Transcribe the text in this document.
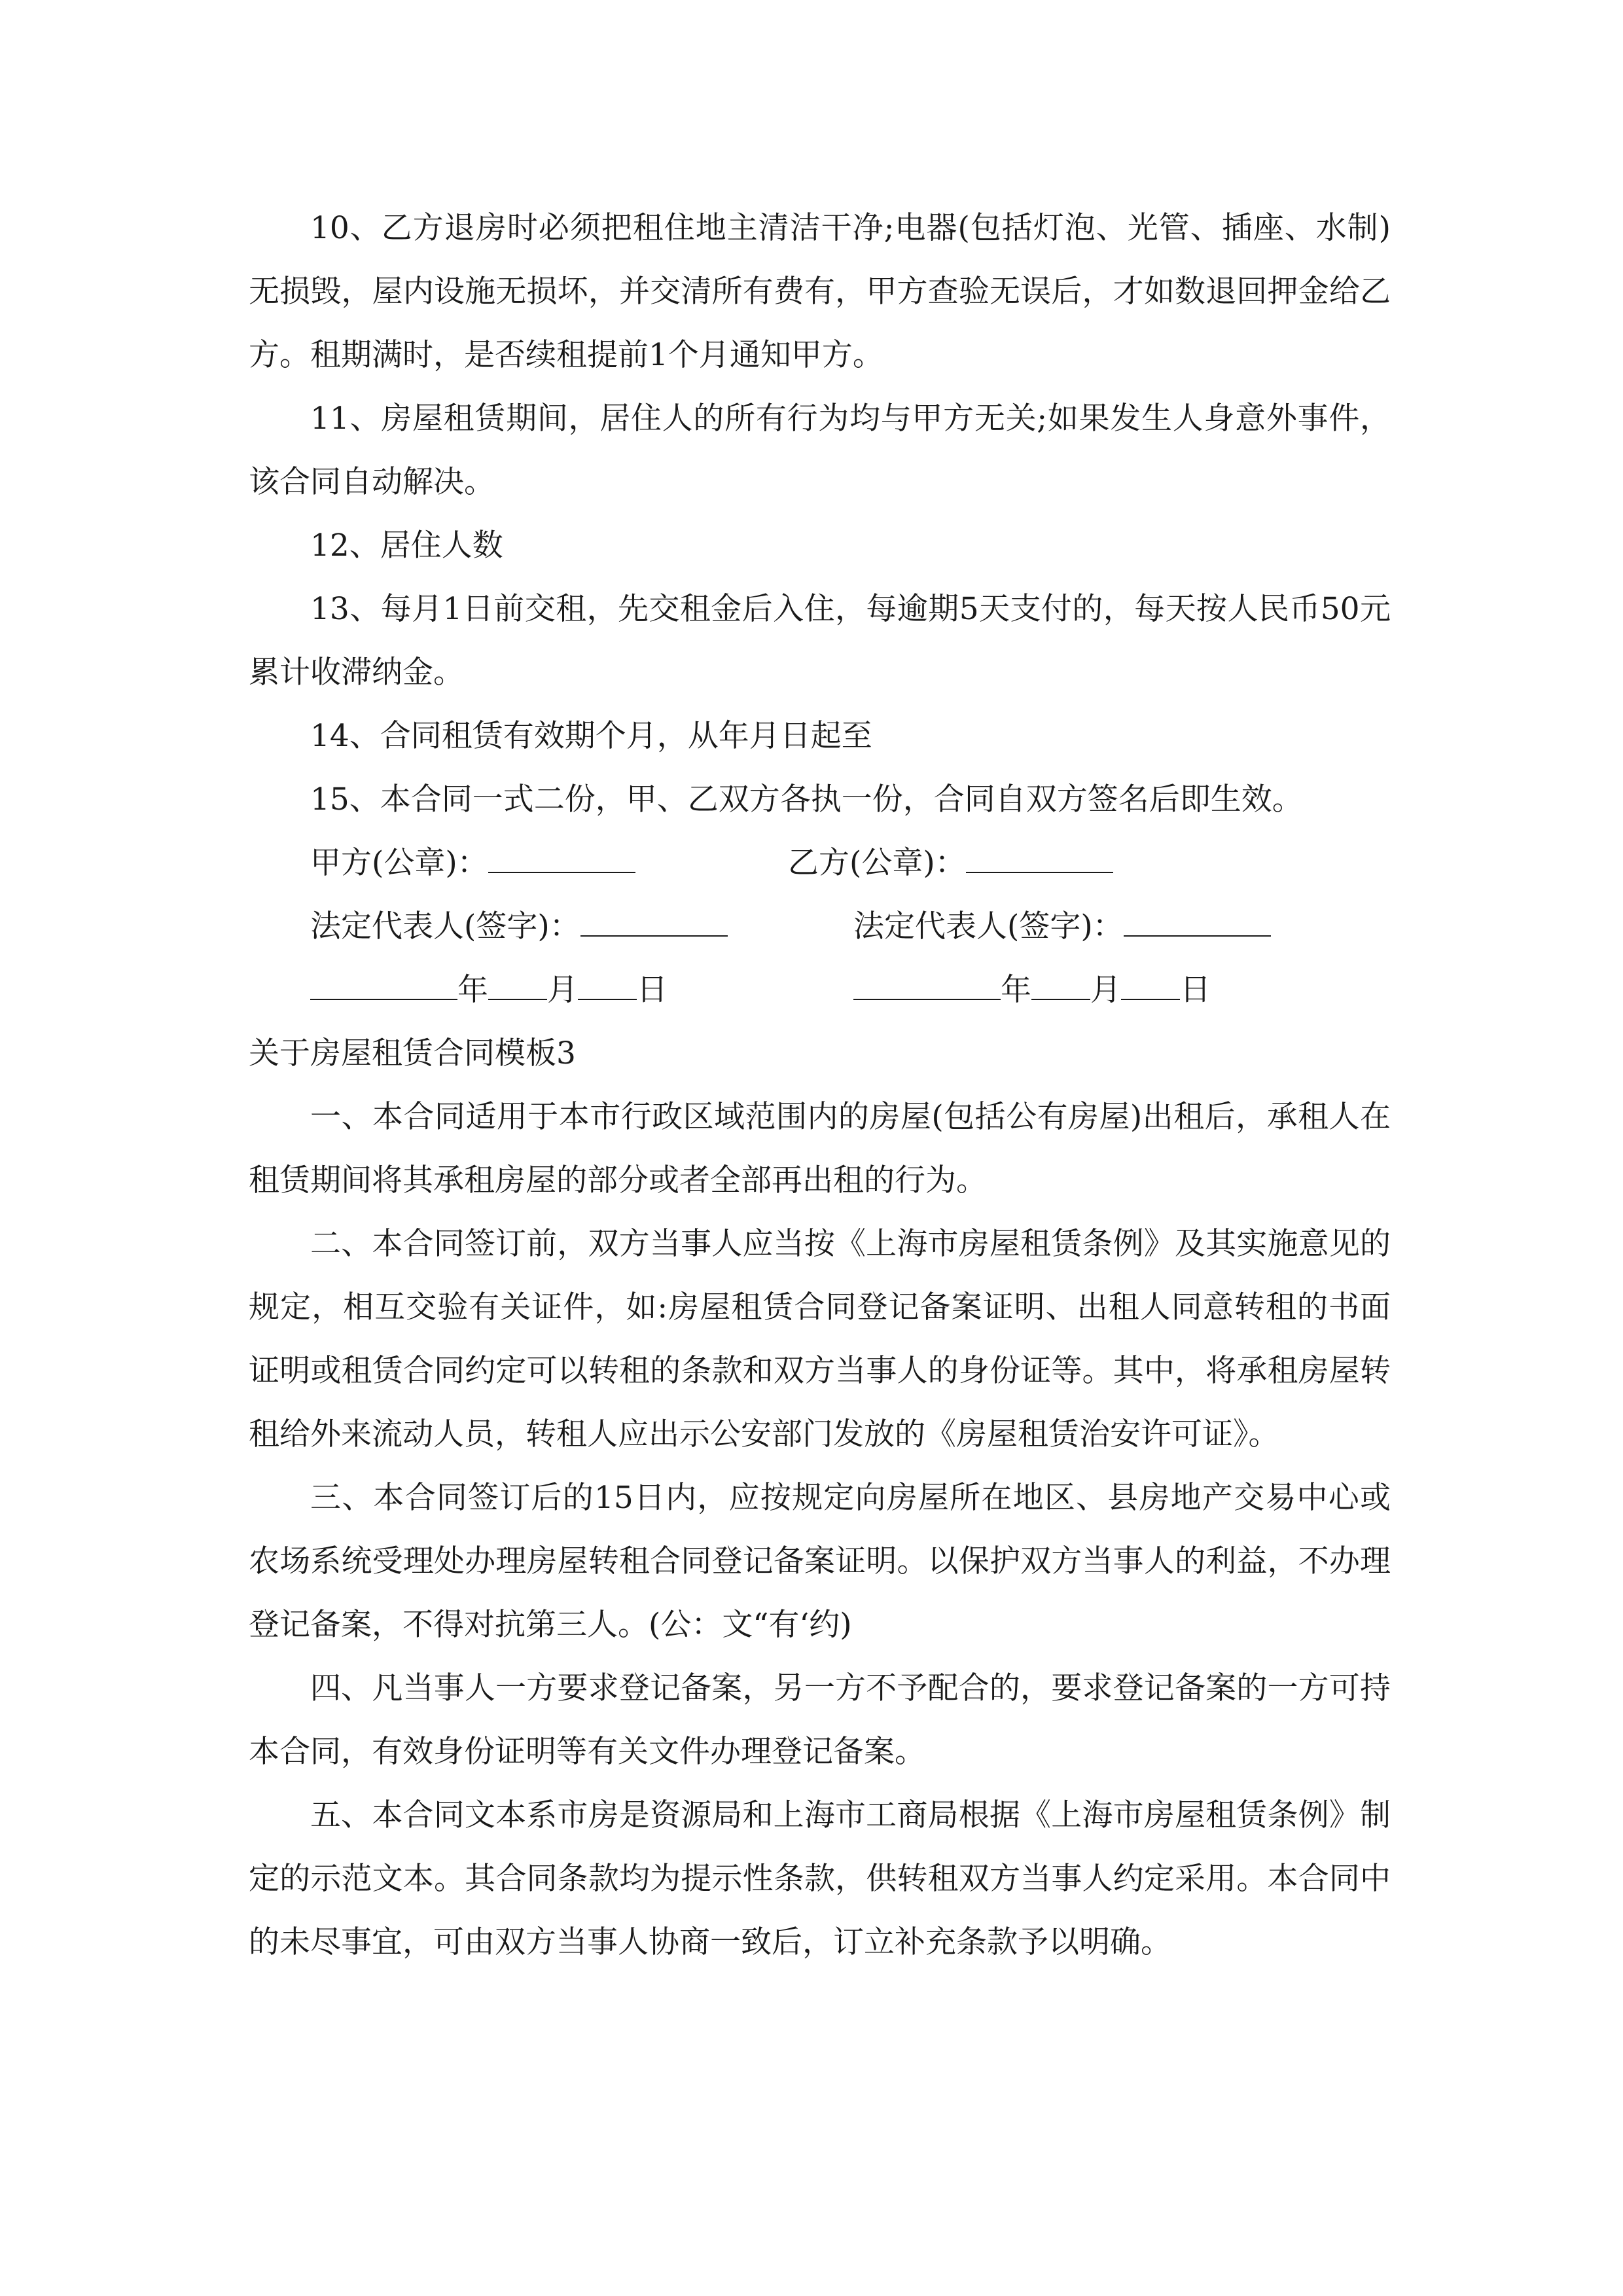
10、乙方退房时必须把租住地主清洁干净;电器(包括灯泡、光管、插座、水制)无损毁，屋内设施无损坏，并交清所有费有，甲方查验无误后，才如数退回押金给乙方。租期满时，是否续租提前1个月通知甲方。

11、房屋租赁期间，居住人的所有行为均与甲方无关;如果发生人身意外事件，该合同自动解决。

12、居住人数

13、每月1日前交租，先交租金后入住，每逾期5天支付的，每天按人民币50元累计收滞纳金。

14、合同租赁有效期个月，从年月日起至

15、本合同一式二份，甲、乙双方各执一份，合同自双方签名后即生效。

甲方(公章)：	乙方(公章)：
法定代表人(签字)：	法定代表人(签字)：
年 月 日	年 月 日

关于房屋租赁合同模板3

一、本合同适用于本市行政区域范围内的房屋(包括公有房屋)出租后，承租人在租赁期间将其承租房屋的部分或者全部再出租的行为。

二、本合同签订前，双方当事人应当按《上海市房屋租赁条例》及其实施意见的规定，相互交验有关证件，如:房屋租赁合同登记备案证明、出租人同意转租的书面证明或租赁合同约定可以转租的条款和双方当事人的身份证等。其中，将承租房屋转租给外来流动人员，转租人应出示公安部门发放的《房屋租赁治安许可证》。

三、本合同签订后的15日内，应按规定向房屋所在地区、县房地产交易中心或农场系统受理处办理房屋转租合同登记备案证明。以保护双方当事人的利益，不办理登记备案，不得对抗第三人。(公：文“有‘约)

四、凡当事人一方要求登记备案，另一方不予配合的，要求登记备案的一方可持本合同，有效身份证明等有关文件办理登记备案。

五、本合同文本系市房是资源局和上海市工商局根据《上海市房屋租赁条例》制定的示范文本。其合同条款均为提示性条款，供转租双方当事人约定采用。本合同中的未尽事宜，可由双方当事人协商一致后，订立补充条款予以明确。
